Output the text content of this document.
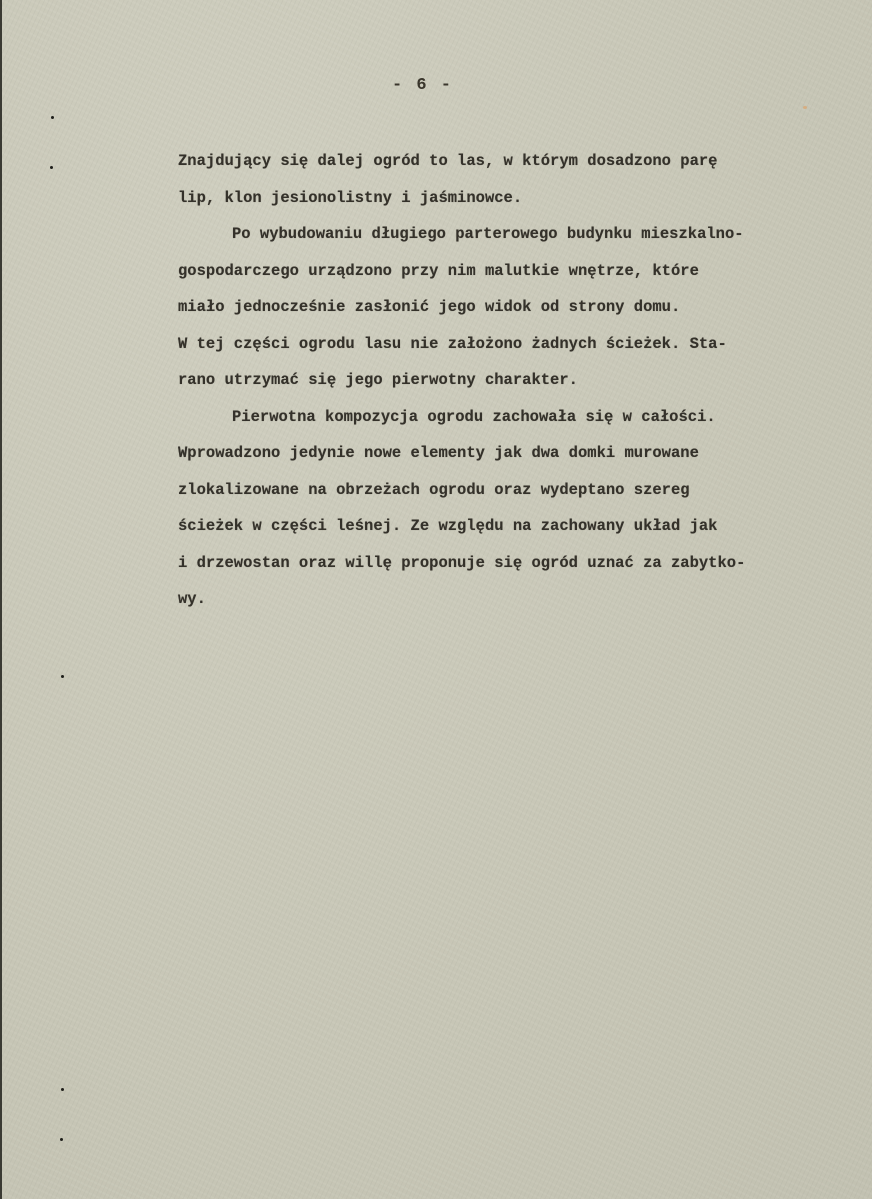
- 6 -
Znajdujący się dalej ogród to las, w którym dosadzono parę
lip, klon jesionolistny i jaśminowce.
Po wybudowaniu długiego parterowego budynku mieszkalno-
gospodarczego urządzono przy nim malutkie wnętrze, które
miało jednocześnie zasłonić jego widok od strony domu.
W tej części ogrodu lasu nie założono żadnych ścieżek. Sta-
rano utrzymać się jego pierwotny charakter.
Pierwotna kompozycja ogrodu zachowała się w całości.
Wprowadzono jedynie nowe elementy jak dwa domki murowane
zlokalizowane na obrzeżach ogrodu oraz wydeptano szereg
ścieżek w części leśnej. Ze względu na zachowany układ jak
i drzewostan oraz willę proponuje się ogród uznać za zabytko-
wy.
